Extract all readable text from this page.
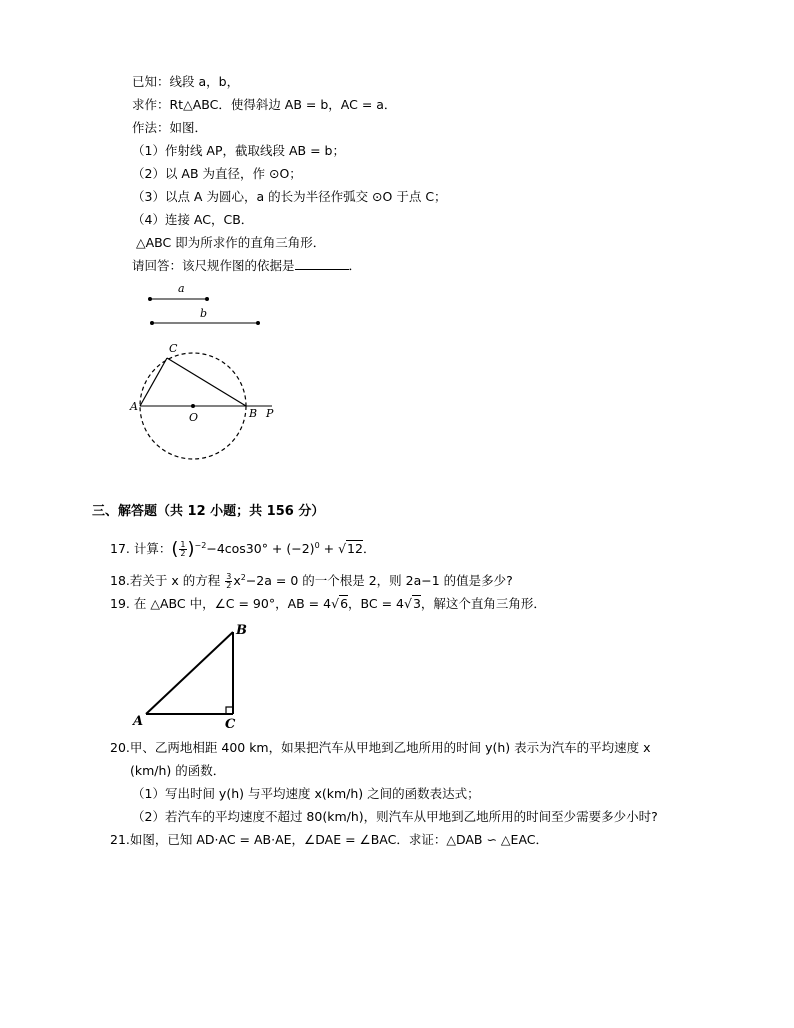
已知：线段 a，b，
求作：Rt△ABC．使得斜边 AB = b，AC = a．
作法：如图．
（1）作射线 AP，截取线段 AB = b；
（2）以 AB 为直径，作 ⊙O；
（3）以点 A 为圆心，a 的长为半径作弧交 ⊙O 于点 C；
（4）连接 AC，CB．
△ABC 即为所求作的直角三角形．
请回答：该尺规作图的依据是	．
a
b
A
B
C
O	P
三、解答题（共 12 小题；共 156 分）
17. 计算：( $\frac{1}{2} )^{-2}-4\cos 30^\circ + (-2)^0 + √12$．
18.若关于 x 的方程 $\frac{3}{2} x^2-2a = 0$ 的一个根是 2，则 2a−1 的值是多少?
19. 在 △ABC 中，∠C = 90°，AB = 4√6，BC = 4√3，解这个直角三角形．
A
B
C
20.甲、乙两地相距 400 km，如果把汽车从甲地到乙地所用的时间 y(h) 表示为汽车的平均速度 x
(km/h) 的函数．
（1）写出时间 y(h) 与平均速度 x(km/h) 之间的函数表达式；
（2）若汽车的平均速度不超过 80(km/h)，则汽车从甲地到乙地所用的时间至少需要多少小时?
21.如图，已知 AD·AC = AB·AE，∠DAE = ∠BAC．求证：△DAB ∽ △EAC．
